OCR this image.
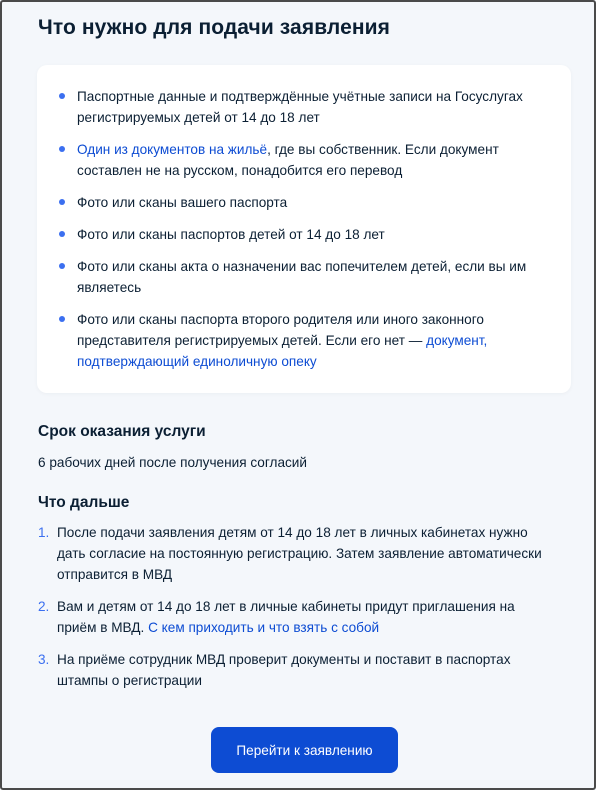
Что нужно для подачи заявления
Паспортные данные и подтверждённые учётные записи на Госуслугах регистрируемых детей от 14 до 18 лет
Один из документов на жильё, где вы собственник. Если документ составлен не на русском, понадобится его перевод
Фото или сканы вашего паспорта
Фото или сканы паспортов детей от 14 до 18 лет
Фото или сканы акта о назначении вас попечителем детей, если вы им являетесь
Фото или сканы паспорта второго родителя или иного законного представителя регистрируемых детей. Если его нет — документ, подтверждающий единоличную опеку
Срок оказания услуги
6 рабочих дней после получения согласий
Что дальше
1. После подачи заявления детям от 14 до 18 лет в личных кабинетах нужно дать согласие на постоянную регистрацию. Затем заявление автоматически отправится в МВД
2. Вам и детям от 14 до 18 лет в личные кабинеты придут приглашения на приём в МВД. С кем приходить и что взять с собой
3. На приёме сотрудник МВД проверит документы и поставит в паспортах штампы о регистрации
Перейти к заявлению
